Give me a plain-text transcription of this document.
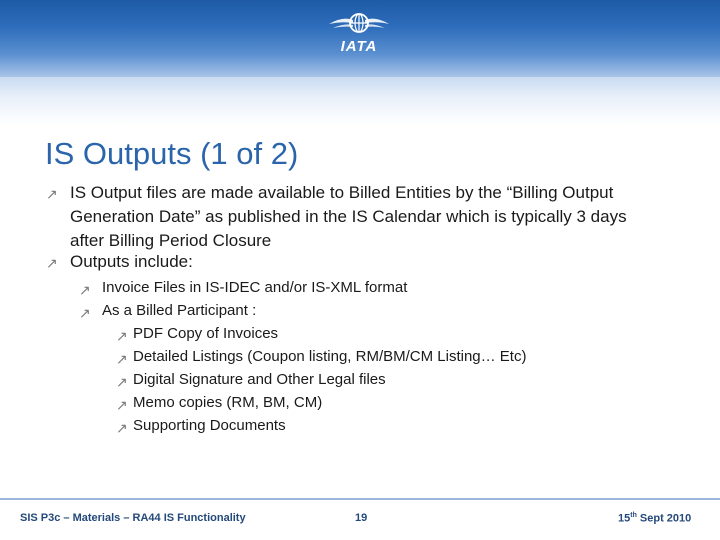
IATA
IS Outputs (1 of 2)
↗ IS Output files are made available to Billed Entities by the “Billing Output
Generation Date” as published in the IS Calendar which is typically 3 days
after Billing Period Closure
↗ Outputs include:
↗ Invoice Files in IS-IDEC and/or IS-XML format
↗ As a Billed Participant :
↗ PDF Copy of Invoices
↗ Detailed Listings (Coupon listing, RM/BM/CM Listing… Etc)
↗ Digital Signature and Other Legal files
↗ Memo copies (RM, BM, CM)
↗ Supporting Documents
SIS P3c – Materials – RA44 IS Functionality	19	15th Sept 2010
